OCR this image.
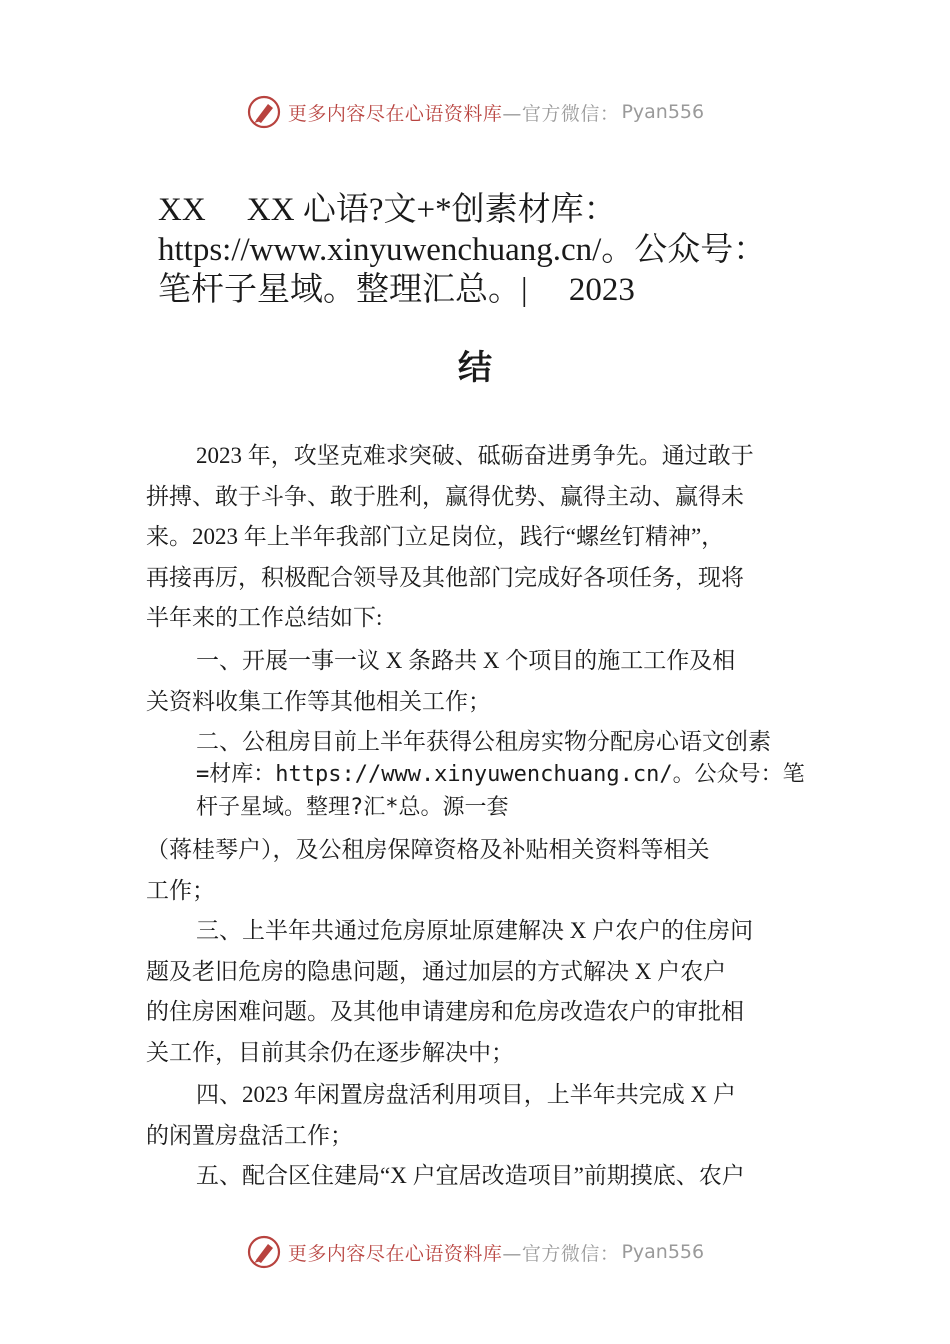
更多内容尽在心语资料库 —官方微信： Pyan556
XX　 XX 心语?文+*创素材库：
https://www.xinyuwenchuang.cn/。公众号：
笔杆子星域。整理汇总。|　 2023
结
2023 年，攻坚克难求突破、砥砺奋进勇争先。通过敢于
拼搏、敢于斗争、敢于胜利，赢得优势、赢得主动、赢得未
来。2023 年上半年我部门立足岗位，践行“螺丝钉精神”，
再接再厉，积极配合领导及其他部门完成好各项任务，现将
半年来的工作总结如下:
一、开展一事一议 X 条路共 X 个项目的施工工作及相
关资料收集工作等其他相关工作；
二、公租房目前上半年获得公租房实物分配房心语文创素
=材库：https://www.xinyuwenchuang.cn/。公众号：笔
杆子星域。整理?汇*总。源一套
（蒋桂琴户），及公租房保障资格及补贴相关资料等相关
工作；
三、上半年共通过危房原址原建解决 X 户农户的住房问
题及老旧危房的隐患问题，通过加层的方式解决 X 户农户
的住房困难问题。及其他申请建房和危房改造农户的审批相
关工作，目前其余仍在逐步解决中；
四、2023 年闲置房盘活利用项目，上半年共完成 X 户
的闲置房盘活工作；
五、配合区住建局“X 户宜居改造项目”前期摸底、农户
更多内容尽在心语资料库 —官方微信： Pyan556
